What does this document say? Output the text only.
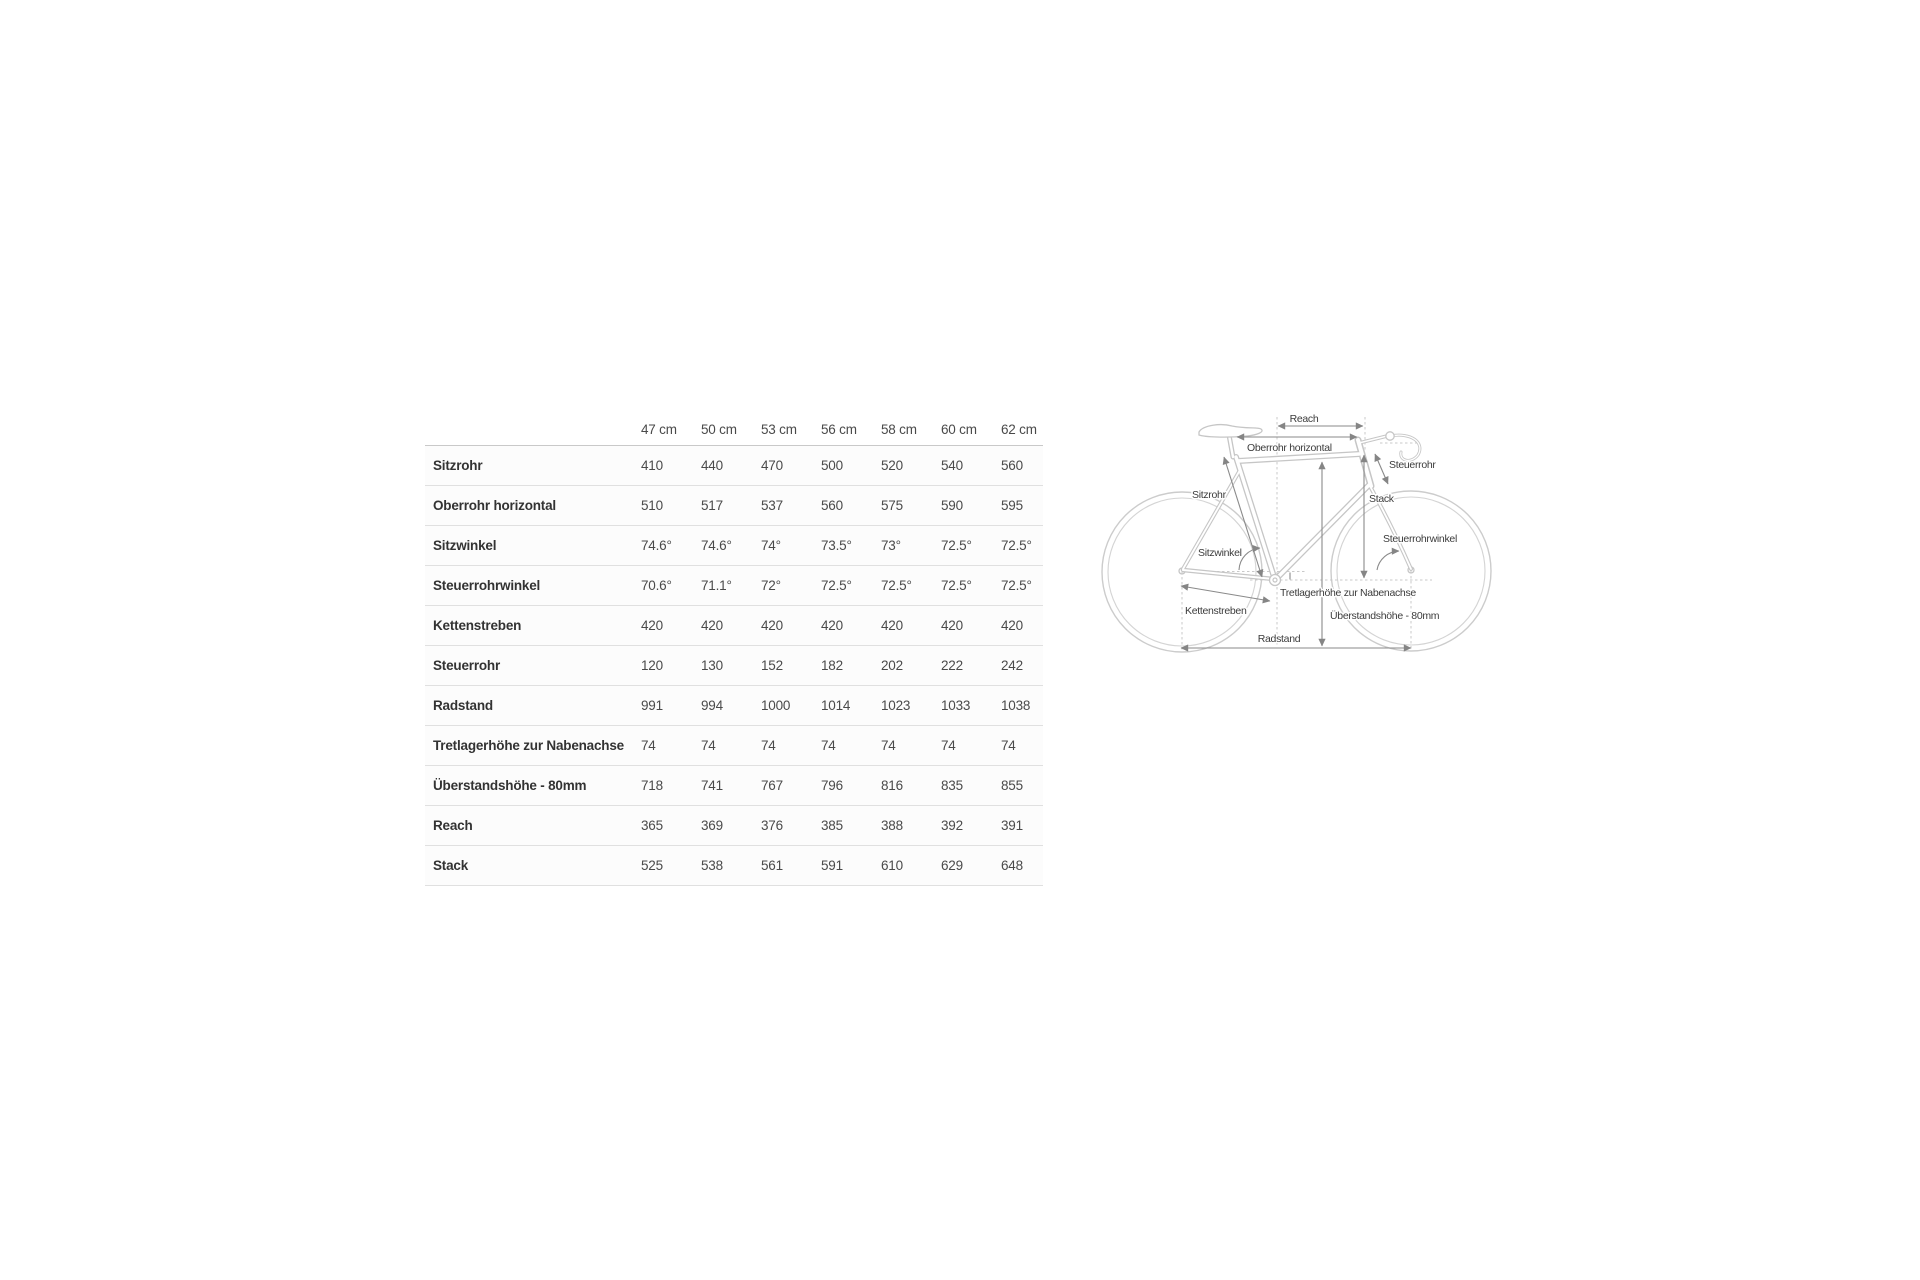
	47 cm	50 cm	53 cm	56 cm	58 cm	60 cm	62 cm
Sitzrohr	410	440	470	500	520	540	560
Oberrohr horizontal	510	517	537	560	575	590	595
Sitzwinkel	74.6°	74.6°	74°	73.5°	73°	72.5°	72.5°
Steuerrohrwinkel	70.6°	71.1°	72°	72.5°	72.5°	72.5°	72.5°
Kettenstreben	420	420	420	420	420	420	420
Steuerrohr	120	130	152	182	202	222	242
Radstand	991	994	1000	1014	1023	1033	1038
Tretlagerhöhe zur Nabenachse	74	74	74	74	74	74	74
Überstandshöhe - 80mm	718	741	767	796	816	835	855
Reach	365	369	376	385	388	392	391
Stack	525	538	561	591	610	629	648
Reach
Oberrohr horizontal
Steuerrohr
Stack
Sitzrohr
Sitzwinkel
Steuerrohrwinkel
Tretlagerhöhe zur Nabenachse
Kettenstreben	Überstandshöhe - 80mm
Radstand
